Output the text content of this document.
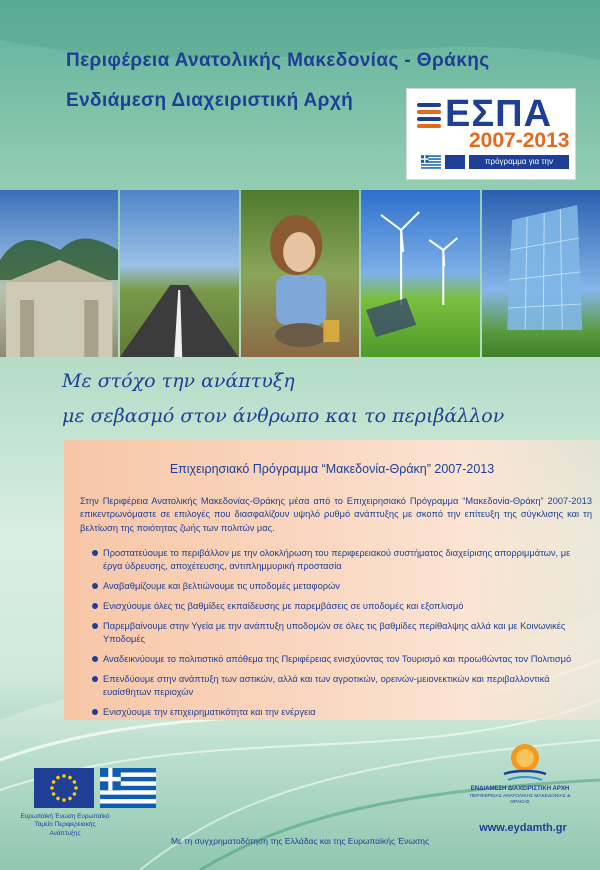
Περιφέρεια Ανατολικής Μακεδονίας - Θράκης
Ενδιάμεση Διαχειριστική Αρχή ΕΣΠΑ
2007-2013
πρόγραμμα για την ανάπτυξη
Με στόχο την ανάπτυξη
με σεβασμό στον άνθρωπο και το περιβάλλον
Επιχειρησιακό Πρόγραμμα “Μακεδονία-Θράκη” 2007-2013
Στην Περιφέρεια Ανατολικής Μακεδονίας-Θράκης μέσα από το Επιχειρησιακό Πρόγραμμα “Μακεδονία-Θράκη” 2007-2013 επικεντρωνόμαστε σε επιλογές που διασφαλίζουν υψηλό ρυθμό ανάπτυξης με σκοπό την επίτευξη της σύγκλισης και τη βελτίωση της ποιότητας ζωής των πολιτών μας.
Προστατεύουμε το περιβάλλον με την ολοκλήρωση του περιφερειακού συστήματος διαχείρισης απορριμμάτων, με έργα ύδρευσης, αποχέτευσης, αντιπλημμυρική προστασία
Αναβαθμίζουμε και βελτιώνουμε τις υποδομές μεταφορών
Ενισχύουμε όλες τις βαθμίδες εκπαίδευσης με παρεμβάσεις σε υποδομές και εξοπλισμό
Παρεμβαίνουμε στην Υγεία με την ανάπτυξη υποδομών σε όλες τις βαθμίδες περίθαλψης αλλά και με Κοινωνικές Υποδομές
Αναδεικνύουμε το πολιτιστικό απόθεμα της Περιφέρειας ενισχύοντας τον Τουρισμό και προωθώντας τον Πολιτισμό
Επενδύουμε στην ανάπτυξη των αστικών, αλλά και των αγροτικών, ορεινών-μειονεκτικών και περιβαλλοντικά ευαίσθητων περιοχών
Ενισχύουμε την επιχειρηματικότητα και την ενέργεια
Ευρωπαϊκή Ένωση Ευρωπαϊκό Ταμείο Περιφερειακής Ανάπτυξης
ΕΝΔΙΑΜΕΣΗ ΔΙΑΧΕΙΡΙΣΤΙΚΗ ΑΡΧΗ
ΠΕΡΙΦΕΡΕΙΑΣ ΑΝΑΤΟΛΙΚΗΣ ΜΑΚΕΔΟΝΙΑΣ & ΘΡΑΚΗΣ
www.eydamth.gr
Με τη συγχρηματοδότηση της Ελλάδας και της Ευρωπαϊκής Ένωσης
